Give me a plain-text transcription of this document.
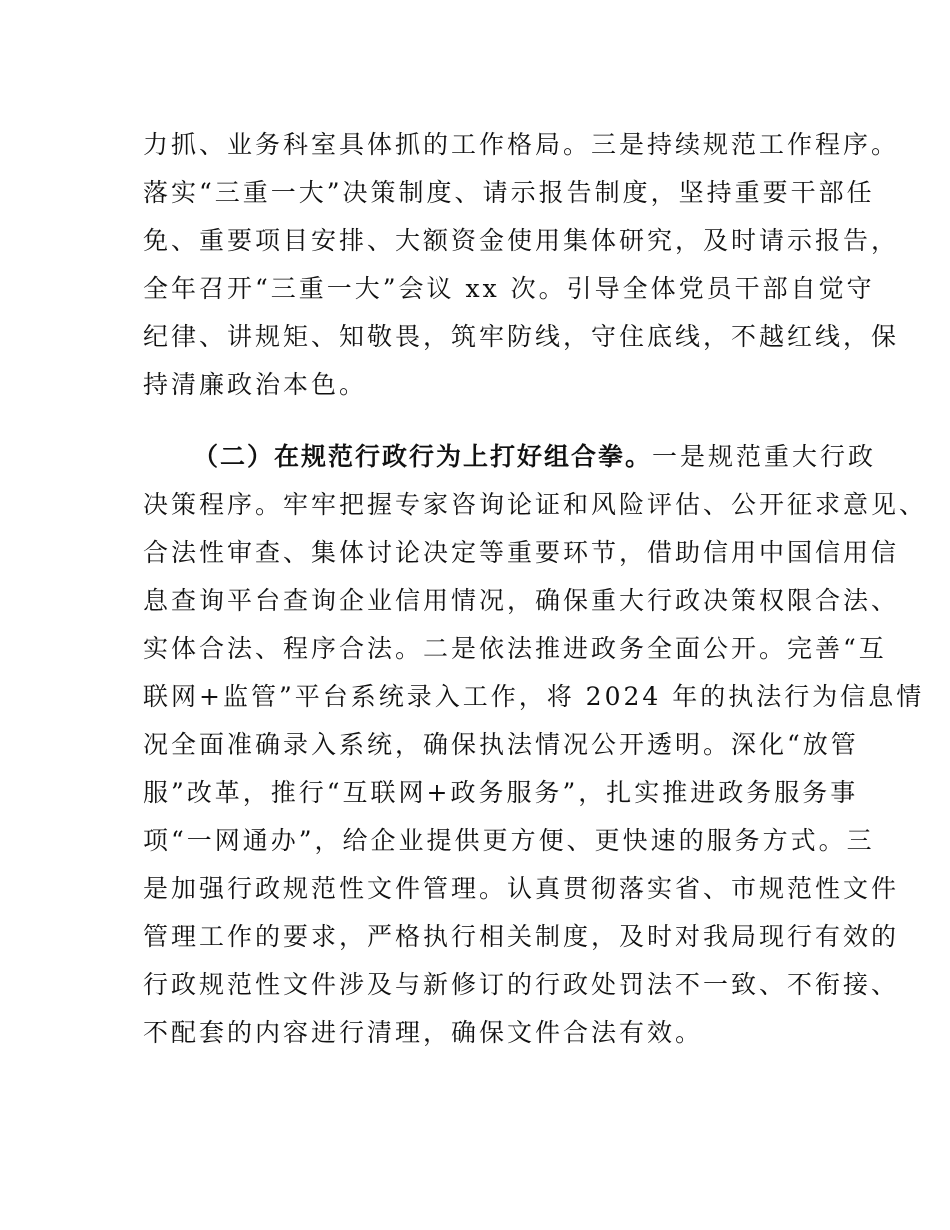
力抓、业务科室具体抓的工作格局。三是持续规范工作程序。
落实“三重一大”决策制度、请示报告制度，坚持重要干部任
免、重要项目安排、大额资金使用集体研究，及时请示报告，
全年召开“三重一大”会议 xx 次。引导全体党员干部自觉守
纪律、讲规矩、知敬畏，筑牢防线，守住底线，不越红线，保
持清廉政治本色。
（二）在规范行政行为上打好组合拳。一是规范重大行政
决策程序。牢牢把握专家咨询论证和风险评估、公开征求意见、
合法性审查、集体讨论决定等重要环节，借助信用中国信用信
息查询平台查询企业信用情况，确保重大行政决策权限合法、
实体合法、程序合法。二是依法推进政务全面公开。完善“互
联网+监管”平台系统录入工作，将 2024 年的执法行为信息情
况全面准确录入系统，确保执法情况公开透明。深化“放管
服”改革，推行“互联网+政务服务”，扎实推进政务服务事
项“一网通办”，给企业提供更方便、更快速的服务方式。三
是加强行政规范性文件管理。认真贯彻落实省、市规范性文件
管理工作的要求，严格执行相关制度，及时对我局现行有效的
行政规范性文件涉及与新修订的行政处罚法不一致、不衔接、
不配套的内容进行清理，确保文件合法有效。
